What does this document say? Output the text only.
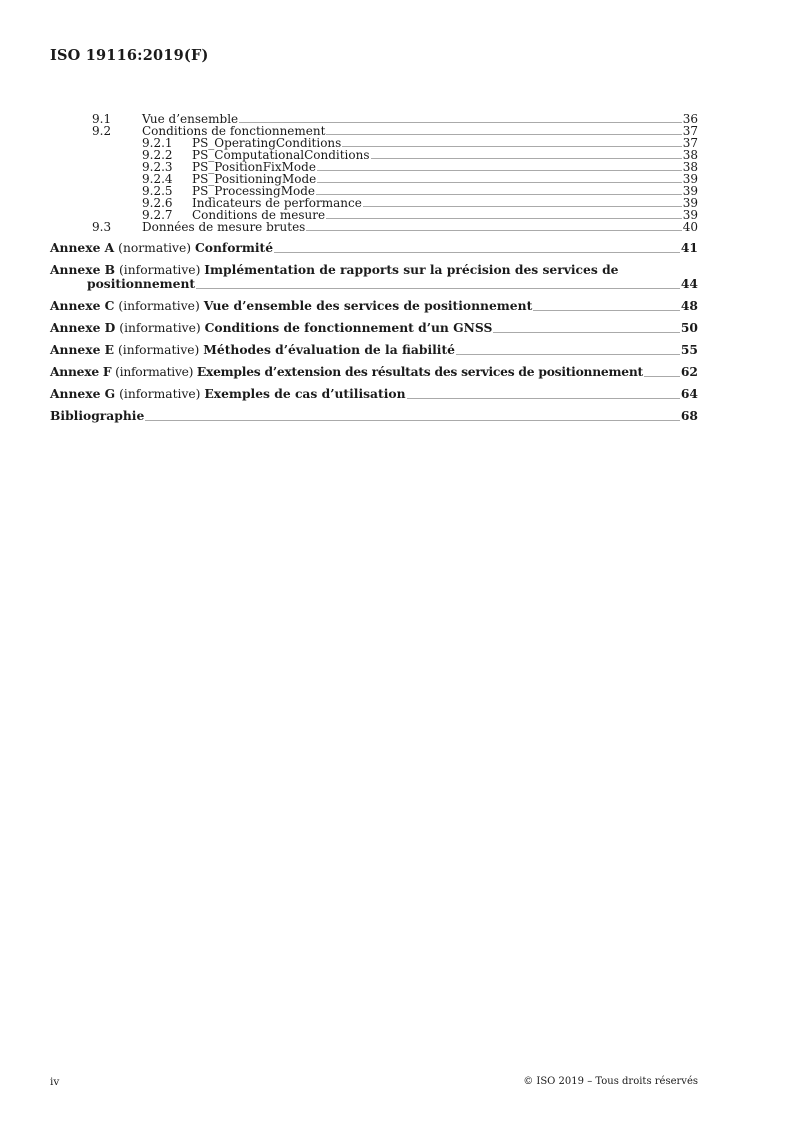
ISO 19116:2019(F)
9.1	Vue d’ensemble	36
9.2	Conditions de fonctionnement	37
9.2.1	PS_OperatingConditions	37
9.2.2	PS_ComputationalConditions	38
9.2.3	PS_PositionFixMode	38
9.2.4	PS_PositioningMode	39
9.2.5	PS_ProcessingMode	39
9.2.6	Indicateurs de performance	39
9.2.7	Conditions de mesure	39
9.3	Données de mesure brutes	40
Annexe A (normative) Conformité	41
Annexe B (informative) Implémentation de rapports sur la précision des services de
positionnement	44
Annexe C (informative) Vue d’ensemble des services de positionnement	48
Annexe D (informative) Conditions de fonctionnement d’un GNSS	50
Annexe E (informative) Méthodes d’évaluation de la fiabilité	55
Annexe F (informative) Exemples d’extension des résultats des services de positionnement	62
Annexe G (informative) Exemples de cas d’utilisation	64
Bibliographie	68
iv	© ISO 2019 – Tous droits réservés
